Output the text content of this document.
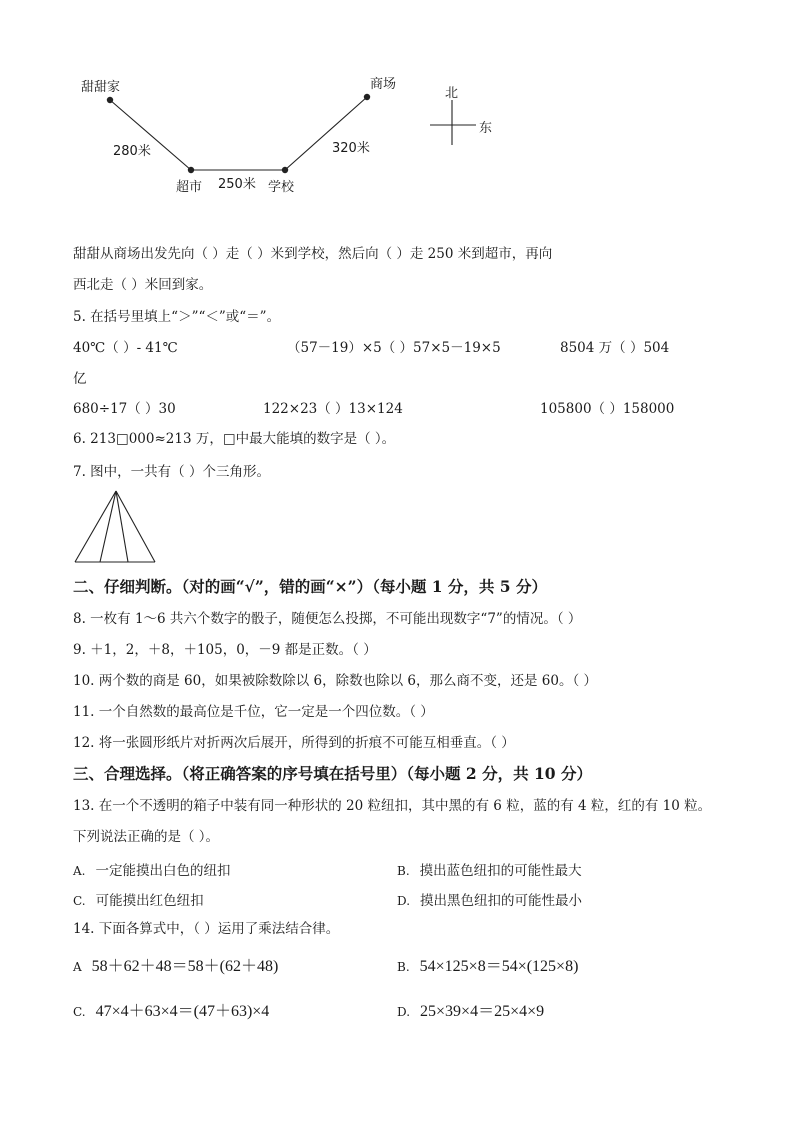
甜甜家	商场
超市	学校
280米
250米
320米
北
东
甜甜从商场出发先向（ ）走（ ）米到学校，然后向（ ）走 250 米到超市，再向
西北走（ ）米回到家。
5. 在括号里填上“＞”“＜”或“＝”。
40℃（ ）- 41℃	（57－19）×5（ ）57×5－19×5	8504 万（ ）504
亿
680÷17（ ）30	122×23（ ）13×124	105800（ ）158000
6. 213□000≈213 万，□中最大能填的数字是（ ）。
7. 图中，一共有（ ）个三角形。
二、仔细判断。（对的画“√”，错的画“×”）（每小题 1 分，共 5 分）
8. 一枚有 1～6 共六个数字的骰子，随便怎么投掷，不可能出现数字“7”的情况。（ ）
9. ＋1，2，＋8，＋105，0，－9 都是正数。（ ）
10. 两个数的商是 60，如果被除数除以 6，除数也除以 6，那么商不变，还是 60。（ ）
11. 一个自然数的最高位是千位，它一定是一个四位数。（ ）
12. 将一张圆形纸片对折两次后展开，所得到的折痕不可能互相垂直。（ ）
三、合理选择。（将正确答案的序号填在括号里）（每小题 2 分，共 10 分）
13. 在一个不透明的箱子中装有同一种形状的 20 粒纽扣，其中黑的有 6 粒，蓝的有 4 粒，红的有 10 粒。
下列说法正确的是（ ）。
A. 一定能摸出白色的纽扣	B. 摸出蓝色纽扣的可能性最大
C. 可能摸出红色纽扣	D. 摸出黑色纽扣的可能性最小
14. 下面各算式中，（ ）运用了乘法结合律。
A 58＋62＋48＝58＋(62＋48)	B. 54×125×8＝54×(125×8)
C. 47×4＋63×4＝(47＋63)×4	D. 25×39×4＝25×4×9
